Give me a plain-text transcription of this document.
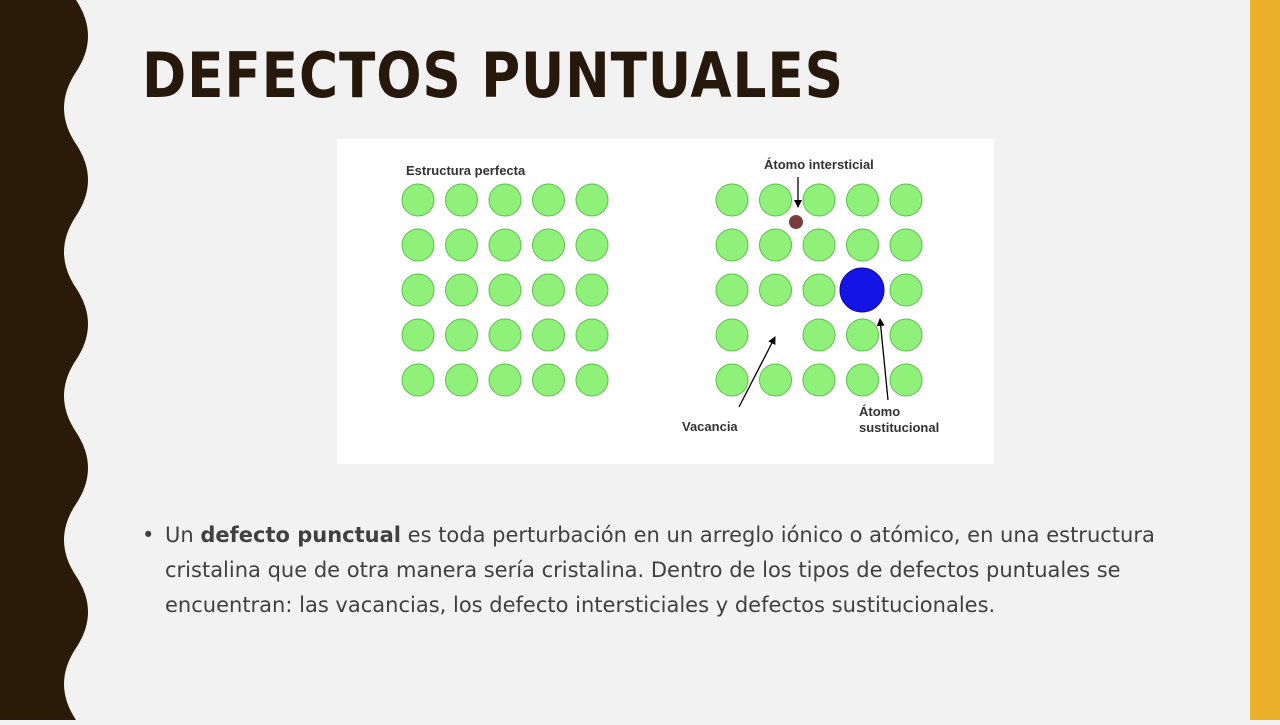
DEFECTOS PUNTUALES
Estructura perfecta	Átomo intersticial
Vacancia
Átomo
sustitucional
• Un defecto punctual es toda perturbación en un arreglo iónico o atómico, en una estructura cristalina que de otra manera sería cristalina. Dentro de los tipos de defectos puntuales se encuentran: las vacancias, los defecto intersticiales y defectos sustitucionales.
